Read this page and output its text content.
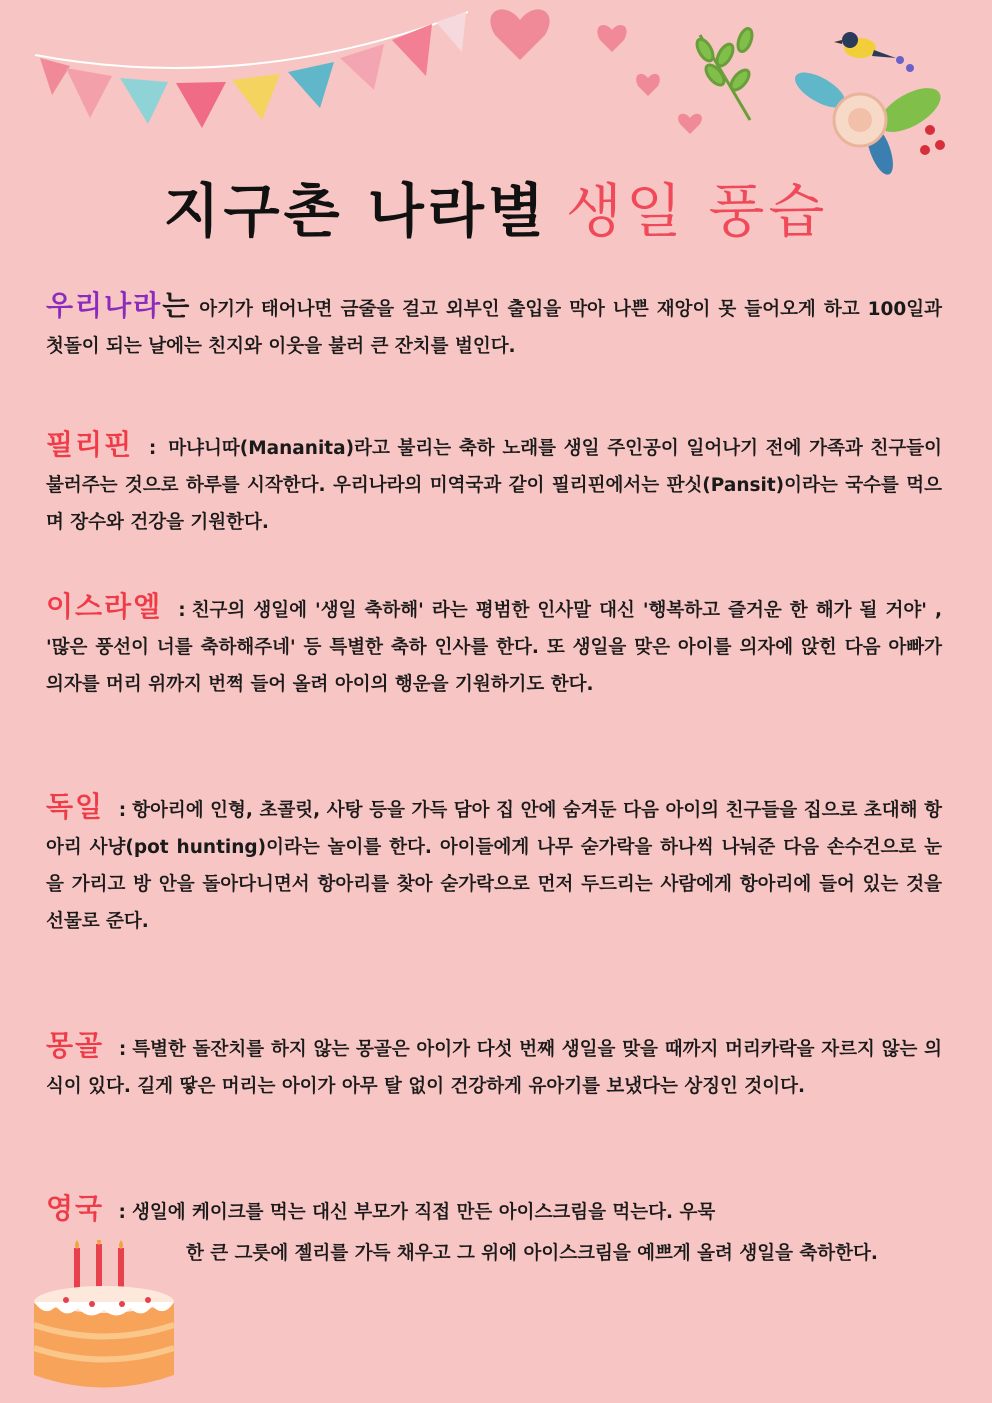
지구촌 나라별 생일 풍습
우리나라는 아기가 태어나면 금줄을 걸고 외부인 출입을 막아 나쁜 재앙이 못 들어오게 하고 100일과 첫돌이 되는 날에는 친지와 이웃을 불러 큰 잔치를 벌인다.
필리핀 : 마냐니따(Mananita)라고 불리는 축하 노래를 생일 주인공이 일어나기 전에 가족과 친구들이 불러주는 것으로 하루를 시작한다. 우리나라의 미역국과 같이 필리핀에서는 판싯(Pansit)이라는 국수를 먹으며 장수와 건강을 기원한다.
이스라엘 : 친구의 생일에 '생일 축하해' 라는 평범한 인사말 대신 '행복하고 즐거운 한 해가 될 거야' , '많은 풍선이 너를 축하해주네' 등 특별한 축하 인사를 한다. 또 생일을 맞은 아이를 의자에 앉힌 다음 아빠가 의자를 머리 위까지 번쩍 들어 올려 아이의 행운을 기원하기도 한다.
독일 : 항아리에 인형, 초콜릿, 사탕 등을 가득 담아 집 안에 숨겨둔 다음 아이의 친구들을 집으로 초대해 항아리 사냥(pot hunting)이라는 놀이를 한다. 아이들에게 나무 숟가락을 하나씩 나눠준 다음 손수건으로 눈을 가리고 방 안을 돌아다니면서 항아리를 찾아 숟가락으로 먼저 두드리는 사람에게 항아리에 들어 있는 것을 선물로 준다.
몽골 : 특별한 돌잔치를 하지 않는 몽골은 아이가 다섯 번째 생일을 맞을 때까지 머리카락을 자르지 않는 의식이 있다. 길게 땋은 머리는 아이가 아무 탈 없이 건강하게 유아기를 보냈다는 상징인 것이다.
영국 : 생일에 케이크를 먹는 대신 부모가 직접 만든 아이스크림을 먹는다. 우묵
한 큰 그릇에 젤리를 가득 채우고 그 위에 아이스크림을 예쁘게 올려 생일을 축하한다.
